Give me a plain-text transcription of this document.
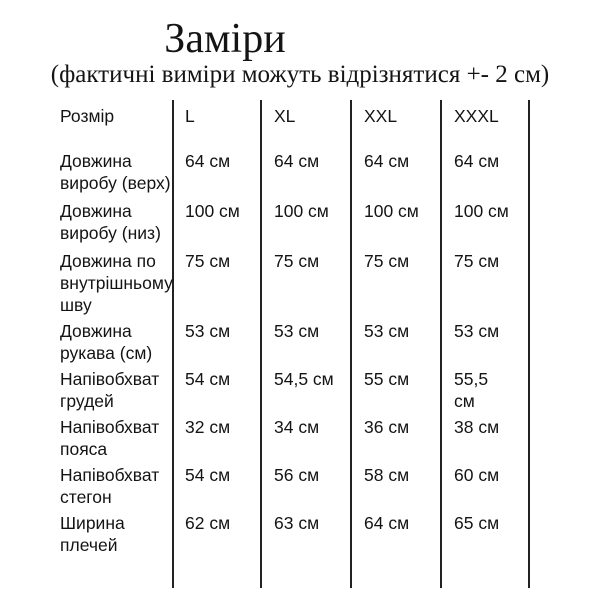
Заміри
(фактичні виміри можуть відрізнятися +- 2 см)
Розмір	L	XL	XXL	XXXL
Довжина
виробу (верх)
64 см	64 см	64 см	64 см
Довжина
виробу (низ)
100 см 100 см 100 см 100 см
Довжина по
внутрішньому
шву
75 см	75 см	75 см	75 см
Довжина
рукава (см)
53 см	53 см	53 см	53 см
Напівобхват
грудей
54 см	54,5 см 55 см	55,5
см
Напівобхват
пояса
32 см	34 см	36 см	38 см
Напівобхват
стегон
54 см	56 см	58 см	60 см
Ширина
плечей
62 см	63 см	64 см	65 см
